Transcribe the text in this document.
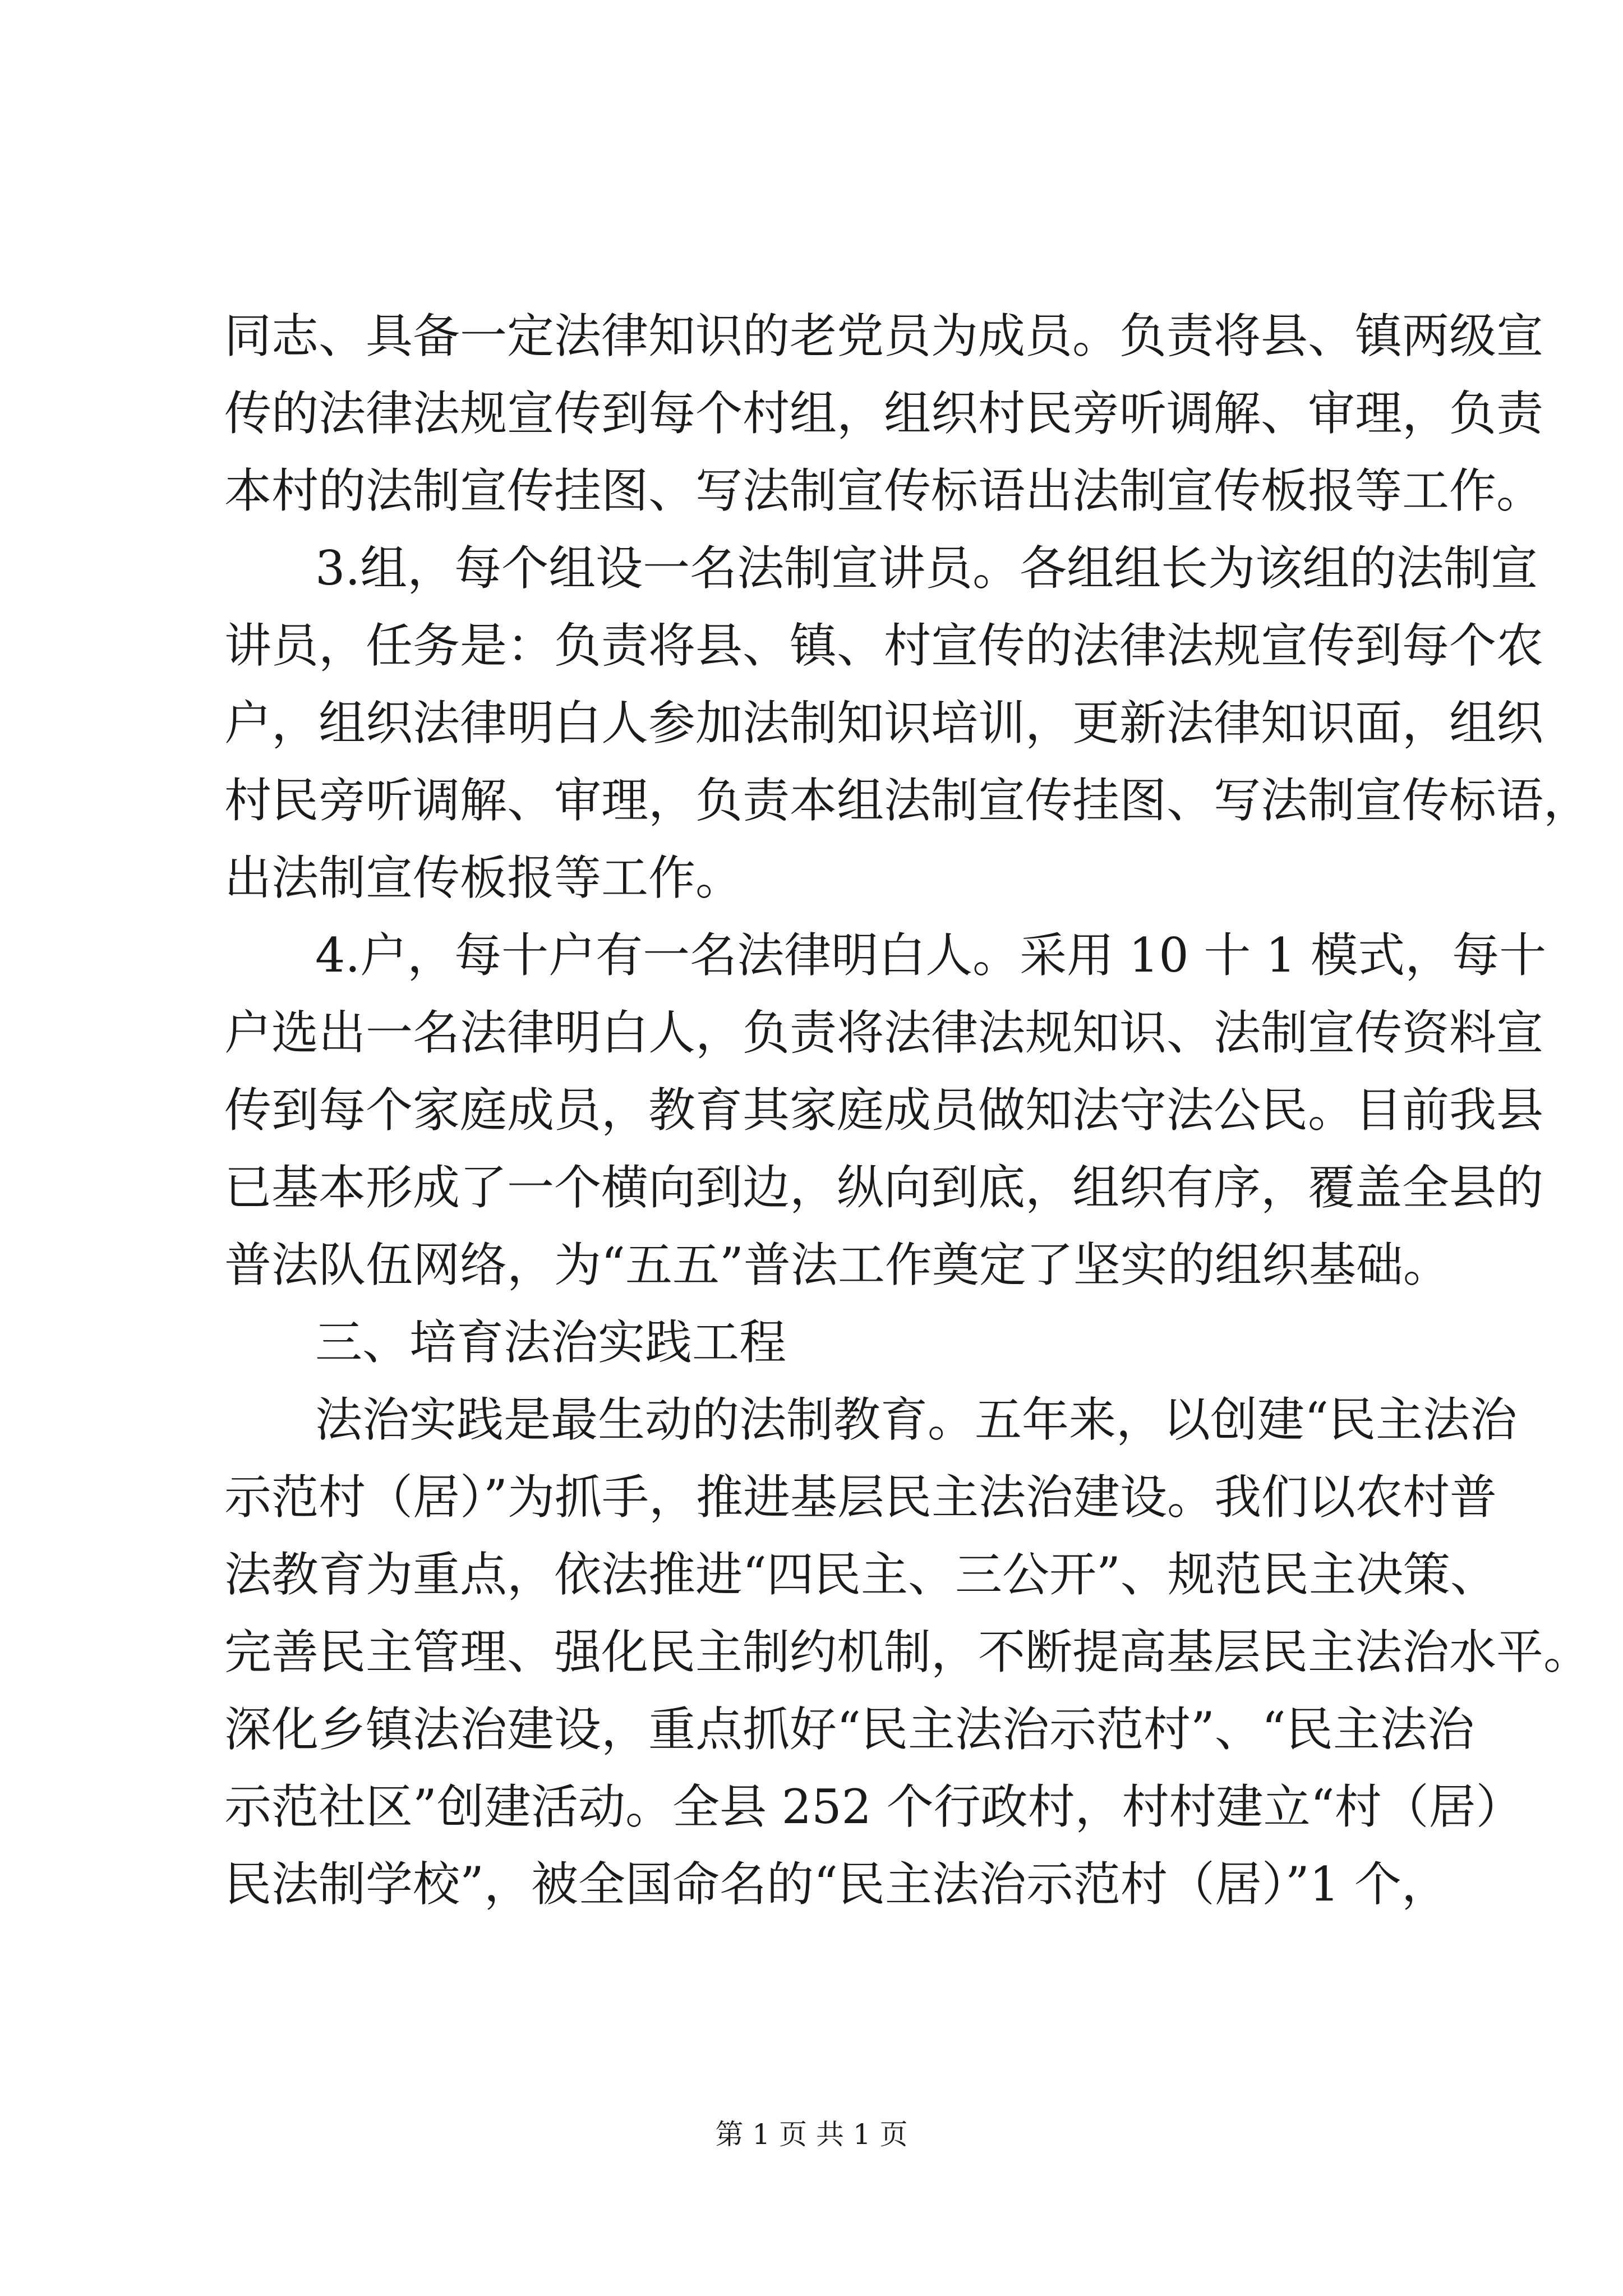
同志、具备一定法律知识的老党员为成员。负责将县、镇两级宣
传的法律法规宣传到每个村组，组织村民旁听调解、审理，负责
本村的法制宣传挂图、写法制宣传标语出法制宣传板报等工作。
3.组，每个组设一名法制宣讲员。各组组长为该组的法制宣
讲员，任务是：负责将县、镇、村宣传的法律法规宣传到每个农
户，组织法律明白人参加法制知识培训，更新法律知识面，组织
村民旁听调解、审理，负责本组法制宣传挂图、写法制宣传标语，
出法制宣传板报等工作。
4.户，每十户有一名法律明白人。采用 10 十 1 模式，每十
户选出一名法律明白人，负责将法律法规知识、法制宣传资料宣
传到每个家庭成员，教育其家庭成员做知法守法公民。目前我县
已基本形成了一个横向到边，纵向到底，组织有序，覆盖全县的
普法队伍网络，为“五五”普法工作奠定了坚实的组织基础。
三、培育法治实践工程
法治实践是最生动的法制教育。五年来，以创建“民主法治
示范村（居）”为抓手，推进基层民主法治建设。我们以农村普
法教育为重点，依法推进“四民主、三公开”、规范民主决策、
完善民主管理、强化民主制约机制，不断提高基层民主法治水平。
深化乡镇法治建设，重点抓好“民主法治示范村”、“民主法治
示范社区”创建活动。全县 252 个行政村，村村建立“村（居）
民法制学校”，被全国命名的“民主法治示范村（居）”1 个，
第 1 页 共 1 页
